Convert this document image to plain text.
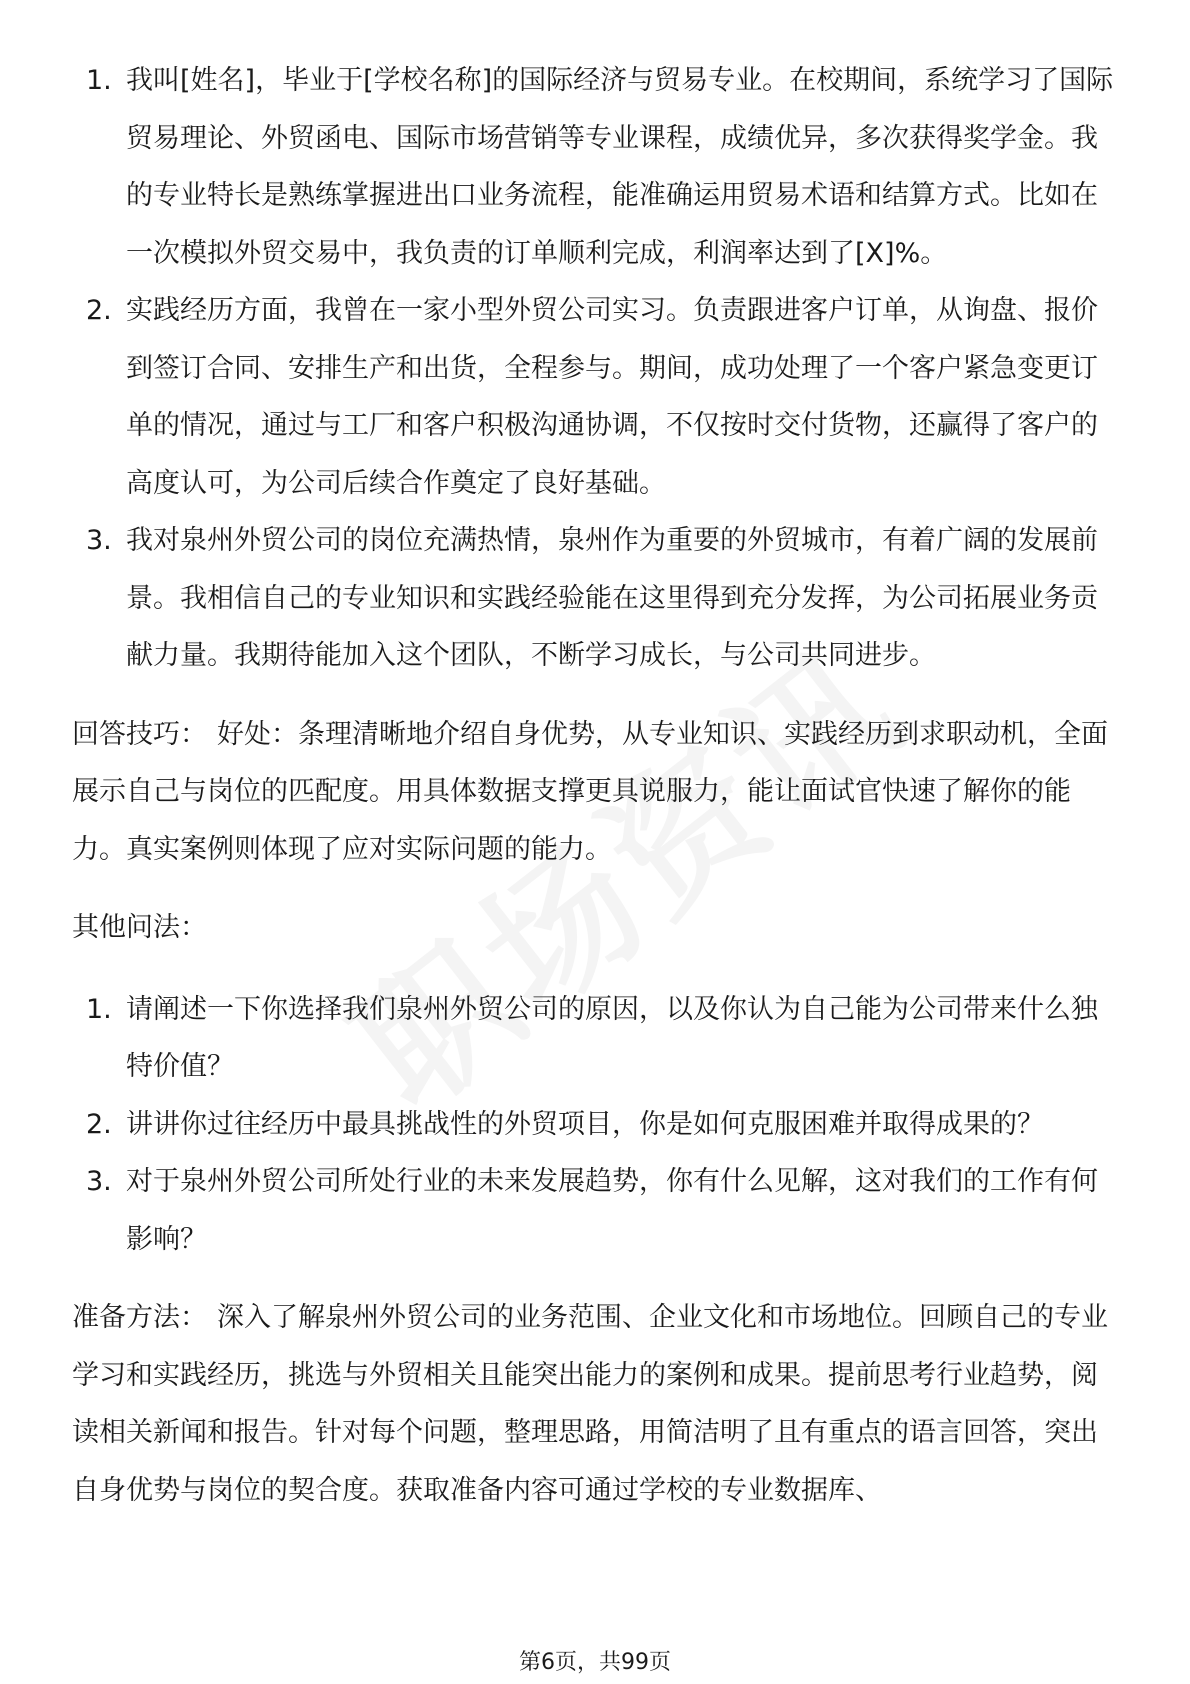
1. 我叫[姓名]，毕业于[学校名称]的国际经济与贸易专业。在校期间，系统学习了国际贸易理论、外贸函电、国际市场营销等专业课程，成绩优异，多次获得奖学金。我的专业特长是熟练掌握进出口业务流程，能准确运用贸易术语和结算方式。比如在一次模拟外贸交易中，我负责的订单顺利完成，利润率达到了[X]%。
2. 实践经历方面，我曾在一家小型外贸公司实习。负责跟进客户订单，从询盘、报价到签订合同、安排生产和出货，全程参与。期间，成功处理了一个客户紧急变更订单的情况，通过与工厂和客户积极沟通协调，不仅按时交付货物，还赢得了客户的高度认可，为公司后续合作奠定了良好基础。
3. 我对泉州外贸公司的岗位充满热情，泉州作为重要的外贸城市，有着广阔的发展前景。我相信自己的专业知识和实践经验能在这里得到充分发挥，为公司拓展业务贡献力量。我期待能加入这个团队，不断学习成长，与公司共同进步。

回答技巧： 好处：条理清晰地介绍自身优势，从专业知识、实践经历到求职动机，全面展示自己与岗位的匹配度。用具体数据支撑更具说服力，能让面试官快速了解你的能力。真实案例则体现了应对实际问题的能力。

其他问法：

1. 请阐述一下你选择我们泉州外贸公司的原因，以及你认为自己能为公司带来什么独特价值？
2. 讲讲你过往经历中最具挑战性的外贸项目，你是如何克服困难并取得成果的？
3. 对于泉州外贸公司所处行业的未来发展趋势，你有什么见解，这对我们的工作有何影响？

准备方法： 深入了解泉州外贸公司的业务范围、企业文化和市场地位。回顾自己的专业学习和实践经历，挑选与外贸相关且能突出能力的案例和成果。提前思考行业趋势，阅读相关新闻和报告。针对每个问题，整理思路，用简洁明了且有重点的语言回答，突出自身优势与岗位的契合度。获取准备内容可通过学校的专业数据库、

第6页，共99页
